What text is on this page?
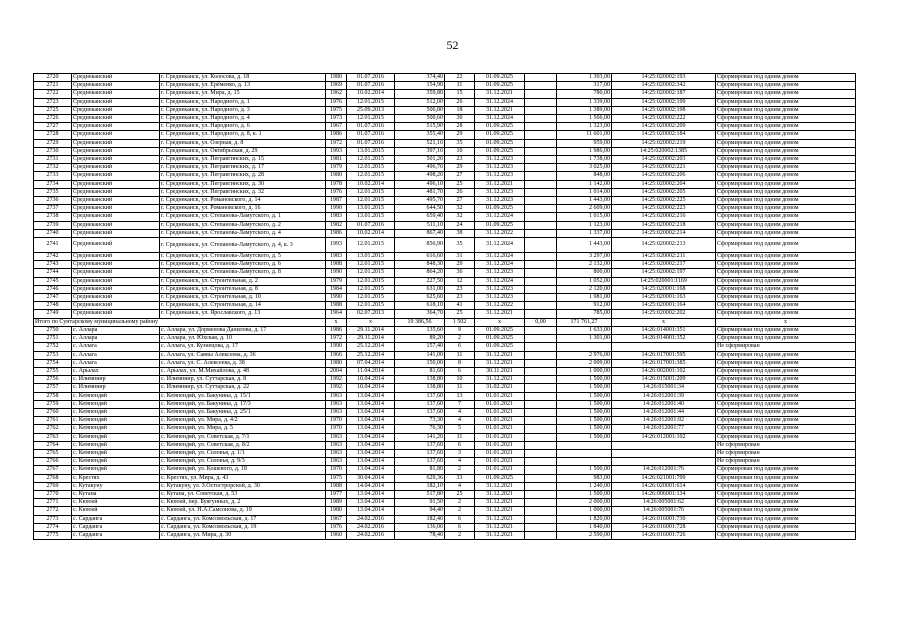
52
2720	Среднеканский	г. Среднеканск, ул. Колосова, д. 18	1980	01.07.2016	374,40	22	01.09.2025		1 393,00	14:25:020002:193	Сформирован под одним домом
2721	Среднеканский	г. Среднеканск, ул. Ерёменко, д. 13	1969	01.07.2016	154,90	11	01.09.2025		317,00	14:25:020002:342	Сформирован под одним домом
2722	Среднеканский	г. Среднеканск, ул. Мира, д. 15	1962	10.02.2014	359,80	15	31.12.2021		780,00	14:25:020002:187	Сформирован под одним домом
2723	Среднеканский	г. Среднеканск, ул. Народного, д. 1	1976	12.01.2015	512,00	26	31.12.2024		1 339,00	14:25:020002:199	Сформирован под одним домом
2725	Среднеканский	г. Среднеканск, ул. Народного, д. 3	1975	25.09.2013	506,80	18	31.12.2021		1 389,00	14:25:020002:198	Сформирован под одним домом
2726	Среднеканский	г. Среднеканск, ул. Народного, д. 4	1973	12.01.2015	500,60	30	31.12.2024		1 566,00	14:25:020002:222	Сформирован под одним домом
2727	Среднеканский	г. Среднеканск, ул. Народного, д. 6	1967	01.07.2016	515,90	28	01.09.2025		1 323,00	14:25:020002:209	Сформирован под одним домом
2728	Среднеканский	г. Среднеканск, ул. Народного, д. 8, к. 1	1986	01.07.2016	355,40	29	01.09.2025		11 601,00	14:25:020002:184	Сформирован под одним домом
2729	Среднеканский	г. Среднеканск, ул. Озерная, д. 8	1972	01.07.2016	521,10	35	01.09.2025		959,00	14:25:020002:219	Сформирован под одним домом
2730	Среднеканский	г. Среднеканск, ул. Октябрьская, д. 29	1993	13.01.2015	397,10	10	01.09.2025		1 986,00	14:25:020002:1385	Сформирован под одним домом
2731	Среднеканский	г. Среднеканск, ул. Пегравгинских, д. 15	1981	12.01.2015	501,20	23	31.12.2023		1 738,00	14:25:020002:203	Сформирован под одним домом
2732	Среднеканский	г. Среднеканск, ул. Пегравгинских, д. 17	1979	12.01.2015	496,70	29	31.12.2023		3 025,00	14:25:020002:221	Сформирован под одним домом
2733	Среднеканский	г. Среднеканск, ул. Пегравгинских, д. 28	1980	12.01.2015	498,20	27	31.12.2023		848,00	14:25:020002:206	Сформирован под одним домом
2734	Среднеканский	г. Среднеканск, ул. Пегравгинских, д. 30	1978	10.02.2014	496,10	25	31.12.2021		1 142,00	14:25:020002:204	Сформирован под одним домом
2735	Среднеканский	г. Среднеканск, ул. Пегравгинских, д. 32	1976	12.01.2015	481,70	26	31.12.2023		1 014,00	14:25:020002:205	Сформирован под одним домом
2736	Среднеканский	г. Среднеканск, ул. Романовского, д. 14	1987	12.01.2015	495,70	27	31.12.2023		1 443,00	14:25:020002:225	Сформирован под одним домом
2737	Среднеканский	г. Среднеканск, ул. Романовского, д. 16	1990	13.01.2015	644,50	32	01.09.2025		2 609,00	14:25:020002:223	Сформирован под одним домом
2738	Среднеканский	г. Среднеканск, ул. Степанова-Ламутского, д. 1	1983	13.01.2015	659,40	32	31.12.2024		1 015,00	14:25:020002:216	Сформирован под одним домом
2739	Среднеканский	г. Среднеканск, ул. Степанова-Ламутского, д. 2	1982	01.07.2016	511,10	24	01.09.2025		1 123,00	14:25:020002:218	Сформирован под одним домом
2740	Среднеканский	г. Среднеканск, ул. Степанова-Ламутского, д. 4	1986	10.02.2014	867,40	38	31.12.2022		1 337,00	14:25:020002:214	Сформирован под одним домом
2741	Среднеканский	г. Среднеканск, ул. Степанова-Ламутского, д. 4, к. 3	1993	12.01.2015	856,90	35	31.12.2024		1 443,00	14:25:020002:213	Сформирован под одним домом
2742	Среднеканский	г. Среднеканск, ул. Степанова-Ламутского, д. 5	1983	13.01.2015	616,60	31	31.12.2024		3 297,00	14:25:020002:211	Сформирован под одним домом
2743	Среднеканский	г. Среднеканск, ул. Степанова-Ламутского, д. 6	1988	12.01.2015	848,30	29	31.12.2024		2 132,00	14:25:020002:217	Сформирован под одним домом
2744	Среднеканский	г. Среднеканск, ул. Степанова-Ламутского, д. 8	1990	12.01.2015	864,20	36	31.12.2023		800,00	14:25:020002:197	Сформирован под одним домом
2745	Среднеканский	г. Среднеканск, ул. Строительная, д. 2	1979	12.01.2015	227,50	12	31.12.2024		1 052,00	14:25:020001:1169	Сформирован под одним домом
2746	Среднеканский	г. Среднеканск, ул. Строительная, д. 8	1984	12.01.2015	631,00	23	31.12.2023		2 120,00	14:25:020001:168	Сформирован под одним домом
2747	Среднеканский	г. Среднеканск, ул. Строительная, д. 10	1990	12.01.2015	625,60	23	31.12.2023		1 981,00	14:25:020001:163	Сформирован под одним домом
2748	Среднеканский	г. Среднеканск, ул. Строительная, д. 14	1988	12.01.2015	618,10	41	31.12.2022		912,00	14:25:020001:164	Сформирован под одним домом
2749	Среднеканский	г. Среднеканск, ул. Ярославского, д. 13	1964	02.07.2013	364,70	25	31.12.2021		785,00	14:25:020002:202	Сформирован под одним домом
Итого по Сунтарскому муниципальному району			x	x	19 386,56	1 502	x	0,00	171 761,27	x	x
2750	с. Аллара	с. Аллара, ул. Дорменова Данилова, д. 17	1986	29.11.2014	135,60	9	01.09.2025		1 633,00	14:26:014001:351	Сформирован под одним домом
2751	с. Аллара	с. Аллара, ул. Юхская, д. 10	1972	29.11.2014	89,20	2	01.09.2025		1 301,00	14:26:014001:352	Сформирован под одним домом
2752	с. Аллага	с. Аллага, ул. Кузнецова, д. 17	1990	25.12.2014	157,40	6	01.09.2025				Не сформирован
2753	с. Аллага	с. Аллага, ул. Саввы Алексеева, д. 36	1966	25.12.2014	141,00	11	31.12.2021		2 976,00	14:26:017001:595	Сформирован под одним домом
2754	с. Аллага	с. Аллага, ул. С. Алексеева, д. 38	1980	07.04.2014	150,00	8	31.12.2021		2 009,00	14:26:017001:385	Сформирован под одним домом
2755	с. Арылах	с. Арылах, ул. М.Михайлова, д. 48	2004	11.04.2014	81,60	6	30.11.2021		1 000,00	14:26:002001:102	Сформирован под одним домом
2756	с. Илимниир	с. Илимниир, ул. Суттарская, д. 8	1992	10.04.2014	138,80	10	31.12.2021		1 500,00	14:26:015001:209	Сформирован под одним домом
2757	с. Илимниир	с. Илимниир, ул. Суттарская, д. 22	1992	10.04.2014	138,80	11	31.02.2021		1 500,00	14:26:015001:34	Сформирован под одним домом
2758	с. Кемпендяй	с. Кемпендяй, ул. Бакунина, д. 15/1	1963	13.04.2014	137,60	13	01.01.2021		1 500,00	14:26:012001:39	Сформирован под одним домом
2759	с. Кемпендяй	с. Кемпендяй, ул. Бакунина, д. 17/3	1963	13.04.2014	137,60	7	01.01.2021		1 500,00	14:26:012001:40	Сформирован под одним домом
2760	с. Кемпендяй	с. Кемпендяй, ул. Бакунина, д. 25/1	1963	13.04.2014	137,60	4	01.01.2021		1 500,00	14:26:012001:44	Сформирован под одним домом
2761	с. Кемпендяй	с. Кемпендяй, ул. Мира, д. 4/2	1970	13.04.2014	73,30	4	01.01.2021		1 500,00	14:26:012001:92	Сформирован под одним домом
2762	с. Кемпендяй	с. Кемпендяй, ул. Мира, д. 5	1970	13.04.2014	76,30	5	01.01.2021		1 500,00	14:26:012001:77	Сформирован под одним домом
2763	с. Кемпендяй	с. Кемпендяй, ул. Советская, д. 7/1	1963	13.04.2014	141,20	11	01.01.2021		1 500,00	14:26:012001:102	Сформирован под одним домом
2764	с. Кемпендяй	с. Кемпендяй, ул. Советская, д. 8/2	1963	13.04.2014	137,60	6	01.01.2021				Не сформирован
2765	с. Кемпендяй	с. Кемпендяй, ул. Соловья, д. 1/1	1963	13.04.2014	137,60	3	01.01.2021				Не сформирован
2766	с. Кемпендяй	с. Кемпендяй, ул. Соловья, д. 9/3	1963	13.04.2014	137,60	4	01.01.2021				Не сформирован
2767	с. Кемпендяй	с. Кемпендяй, ул. Кошевого, д. 18	1970	13.04.2014	81,80	2	01.01.2021		1 500,00	14:26:012001:76	Сформирован под одним домом
2768	с. Крестях	с. Крестях, ул. Мира, д. 43	1975	30.04.2014	629,36	33	01.09.2025		983,00	14:26:021001:799	Сформирован под одним домом
2769	с. Кутакуну	с. Кутакуну, ул. З.Остострорской, д. 30	1988	14.04.2014	182,10	4	31.12.2021		1 240,00	14:26:020001:614	Сформирован под одним домом
2770	с. Кутана	с. Кутана, ул. Советская, д. 53	1977	13.04.2014	517,80	25	31.12.2021		1 500,00	14:26:006001:134	Сформирован под одним домом
2771	с. Кююей	с. Кююей, пер. Буягунных, д. 2	1989	13.04.2014	91,50	2	31.12.2021		2 000,00	14:26:005001:62	Сформирован под одним домом
2772	с. Кююей	с. Кююей, ул. Н.А.Самсонова, д. 19	1980	13.04.2014	94,40	2	31.12.2021		1 000,00	14:26:005001:76	Сформирован под одним домом
2773	с. Сарданга	с. Сарданга, ул. Комсомольская, д. 17	1967	24.02.2016	182,40	6	31.12.2021		1 820,00	14:26:016001:730	Сформирован под одним домом
2774	с. Сарданга	с. Сарданга, ул. Комсомольская, д. 19	1976	24.02.2016	136,00	6	31.12.2021		1 840,00	14:26:016001:728	Сформирован под одним домом
2775	с. Сарданга	с. Сарданга, ул. Мира, д. 30	1960	24.02.2016	78,40	2	31.12.2021		2 590,00	14:26:016001:726	Сформирован под одним домом
